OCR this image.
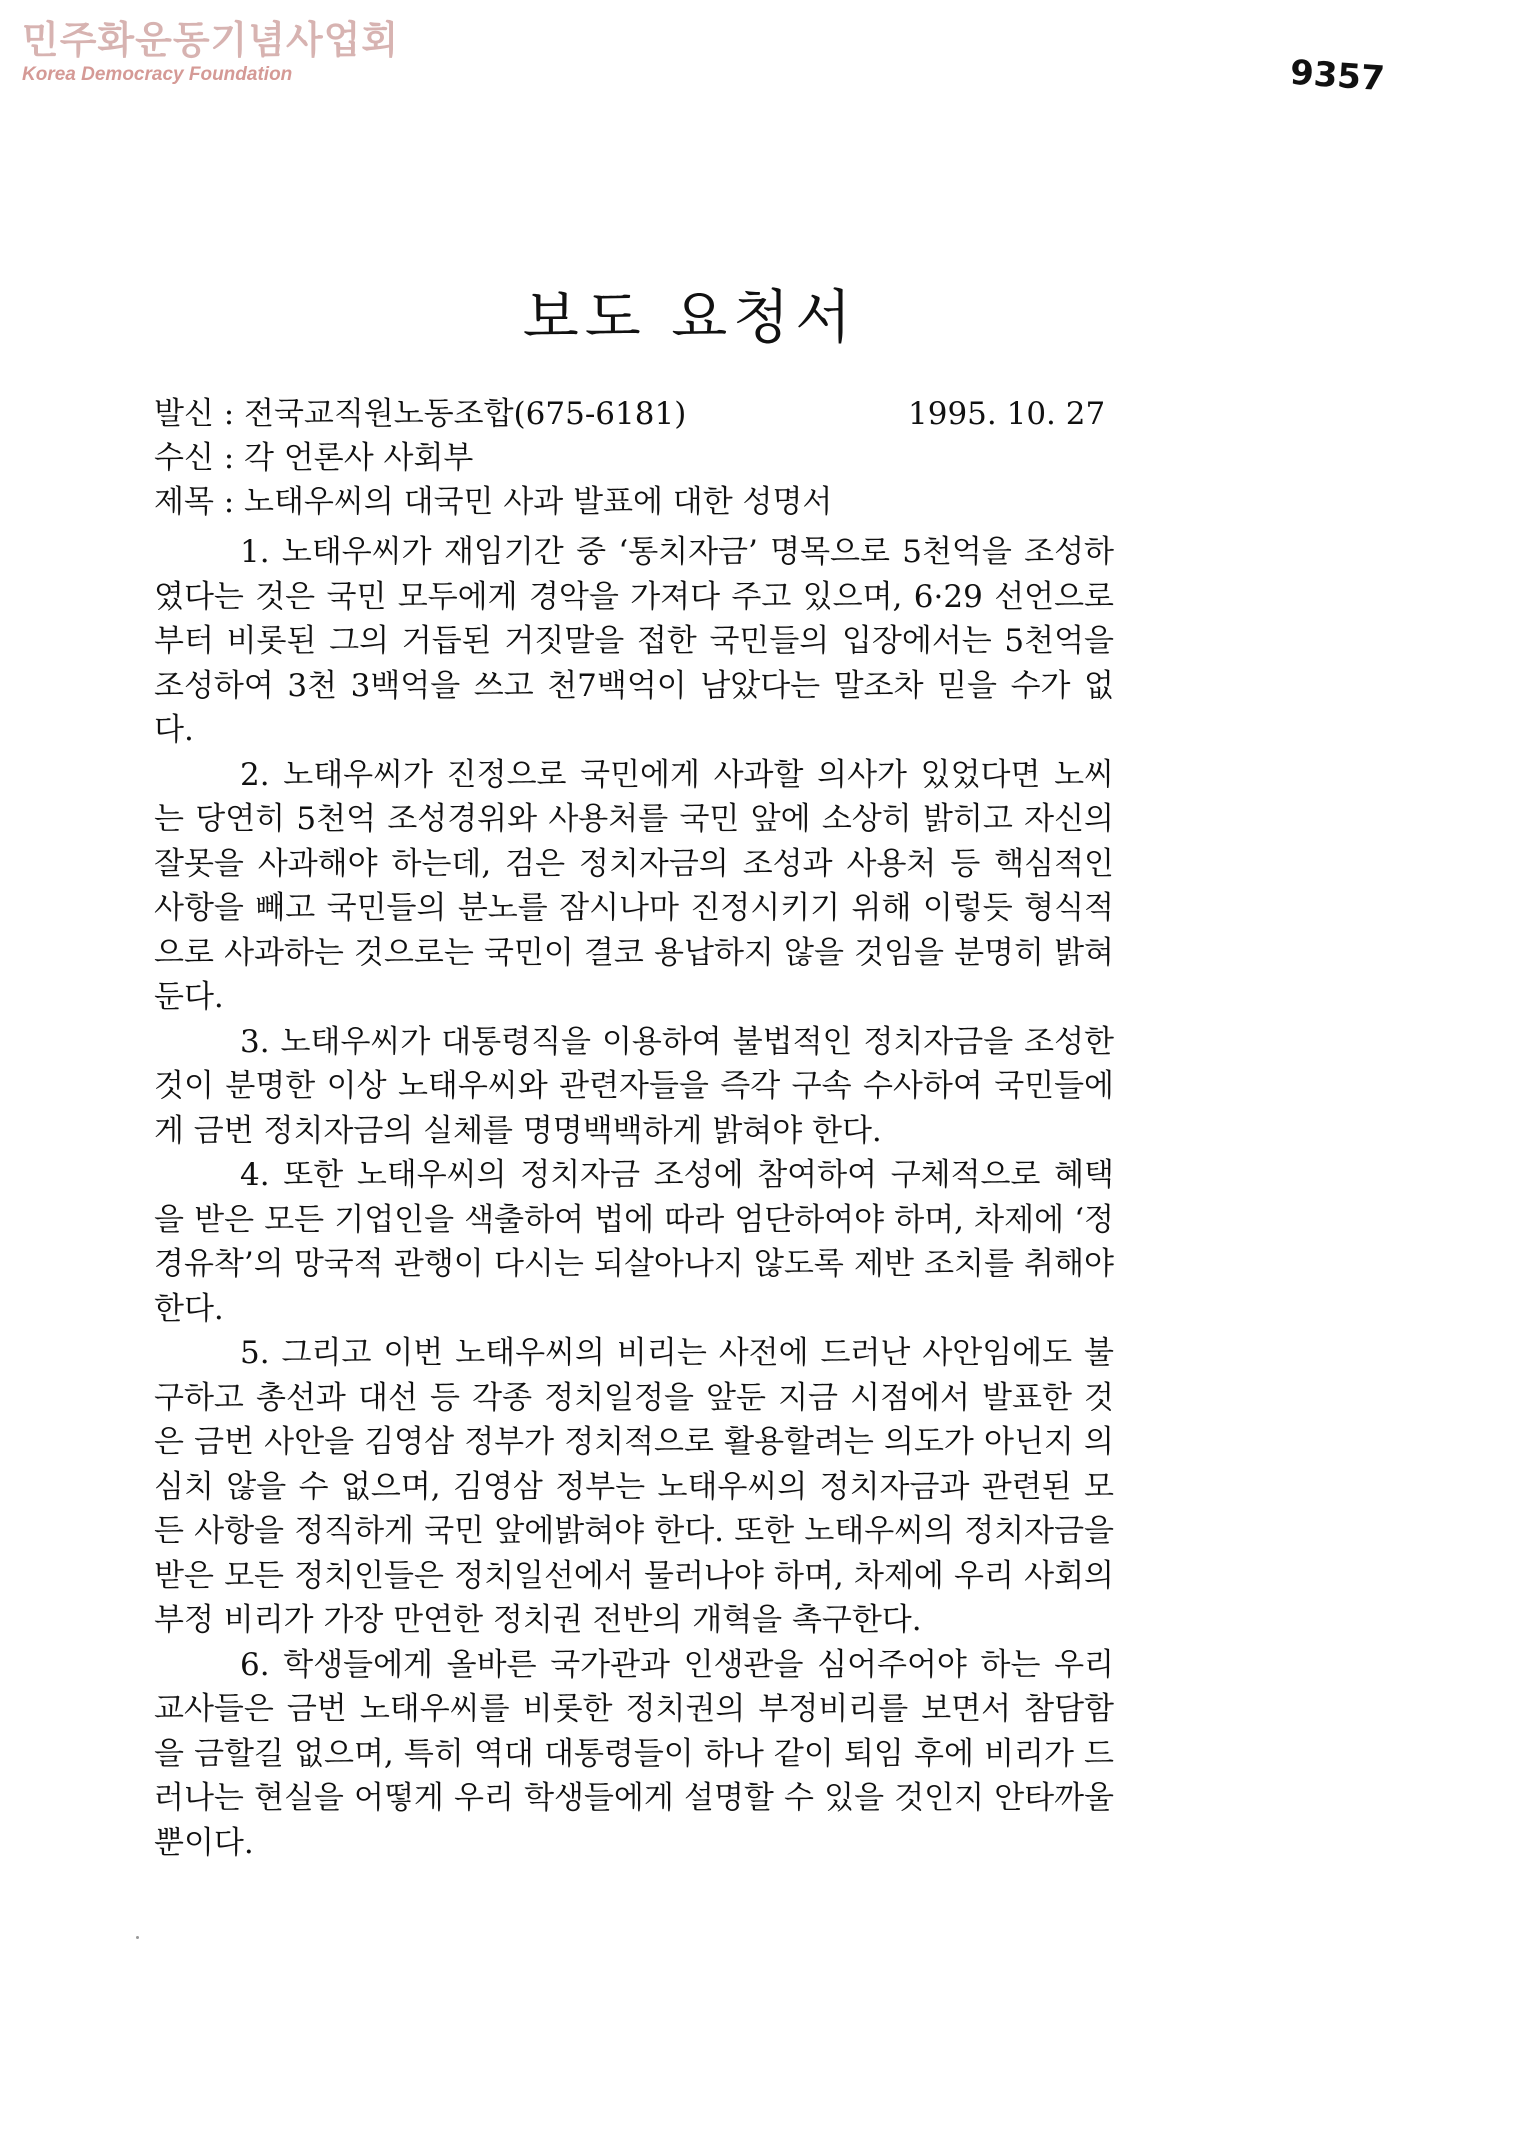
민주화운동기념사업회
Korea Democracy Foundation	9357
보도 요청서
발신 : 전국교직원노동조합(675-6181)	1995. 10. 27
수신 : 각 언론사 사회부
제목 : 노태우씨의 대국민 사과 발표에 대한 성명서

1. 노태우씨가 재임기간 중 ‘통치자금’ 명목으로 5천억을 조성하였다는 것은 국민 모두에게 경악을 가져다 주고 있으며, 6·29 선언으로부터 비롯된 그의 거듭된 거짓말을 접한 국민들의 입장에서는 5천억을 조성하여 3천 3백억을 쓰고 천7백억이 남았다는 말조차 믿을 수가 없다.

2. 노태우씨가 진정으로 국민에게 사과할 의사가 있었다면 노씨는 당연히 5천억 조성경위와 사용처를 국민 앞에 소상히 밝히고 자신의 잘못을 사과해야 하는데, 검은 정치자금의 조성과 사용처 등 핵심적인 사항을 빼고 국민들의 분노를 잠시나마 진정시키기 위해 이렇듯 형식적으로 사과하는 것으로는 국민이 결코 용납하지 않을 것임을 분명히 밝혀둔다.

3. 노태우씨가 대통령직을 이용하여 불법적인 정치자금을 조성한 것이 분명한 이상 노태우씨와 관련자들을 즉각 구속 수사하여 국민들에게 금번 정치자금의 실체를 명명백백하게 밝혀야 한다.

4. 또한 노태우씨의 정치자금 조성에 참여하여 구체적으로 혜택을 받은 모든 기업인을 색출하여 법에 따라 엄단하여야 하며, 차제에 ‘정경유착’의 망국적 관행이 다시는 되살아나지 않도록 제반 조치를 취해야 한다.

5. 그리고 이번 노태우씨의 비리는 사전에 드러난 사안임에도 불구하고 총선과 대선 등 각종 정치일정을 앞둔 지금 시점에서 발표한 것은 금번 사안을 김영삼 정부가 정치적으로 활용할려는 의도가 아닌지 의심치 않을 수 없으며, 김영삼 정부는 노태우씨의 정치자금과 관련된 모든 사항을 정직하게 국민 앞에밝혀야 한다. 또한 노태우씨의 정치자금을 받은 모든 정치인들은 정치일선에서 물러나야 하며, 차제에 우리 사회의 부정 비리가 가장 만연한 정치권 전반의 개혁을 촉구한다.

6. 학생들에게 올바른 국가관과 인생관을 심어주어야 하는 우리 교사들은 금번 노태우씨를 비롯한 정치권의 부정비리를 보면서 참담함을 금할길 없으며, 특히 역대 대통령들이 하나 같이 퇴임 후에 비리가 드러나는 현실을 어떻게 우리 학생들에게 설명할 수 있을 것인지 안타까울 뿐이다.
